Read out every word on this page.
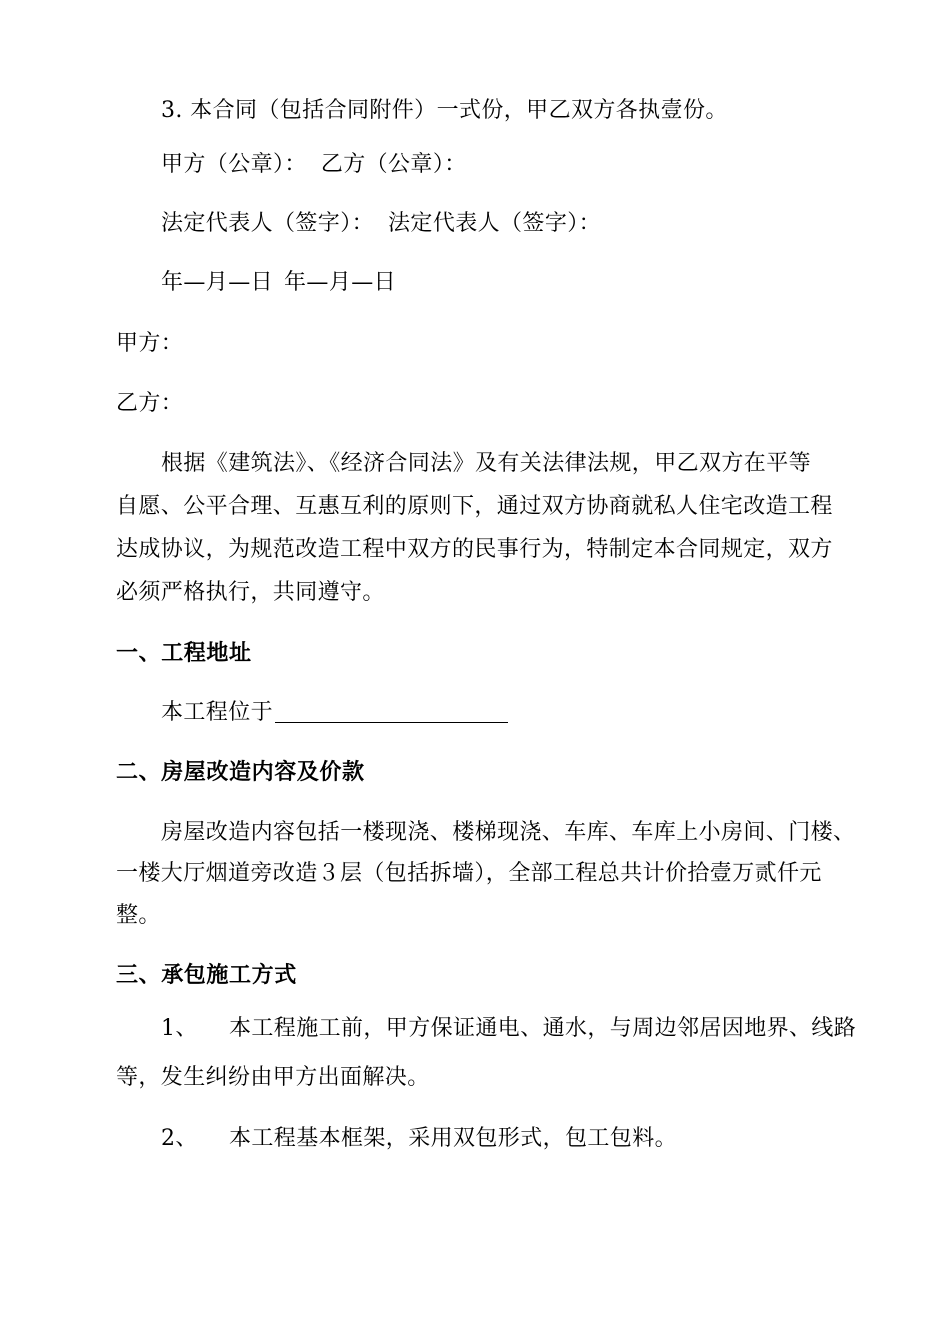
3. 本合同（包括合同附件）一式份，甲乙双方各执壹份。
甲方（公章）： 乙方（公章）：
法定代表人（签字）： 法定代表人（签字）：
年—月—日 年—月—日
甲方：
乙方：
根据《建筑法》、《经济合同法》及有关法律法规，甲乙双方在平等
自愿、公平合理、互惠互利的原则下，通过双方协商就私人住宅改造工程
达成协议，为规范改造工程中双方的民事行为，特制定本合同规定，双方
必须严格执行，共同遵守。
一、工程地址
本工程位于
二、房屋改造内容及价款
房屋改造内容包括一楼现浇、楼梯现浇、车库、车库上小房间、门楼、
一楼大厅烟道旁改造３层（包括拆墙），全部工程总共计价拾壹万贰仟元
整。
三、承包施工方式
1、 本工程施工前，甲方保证通电、通水，与周边邻居因地界、线路
等，发生纠纷由甲方出面解决。
2、 本工程基本框架，采用双包形式，包工包料。
